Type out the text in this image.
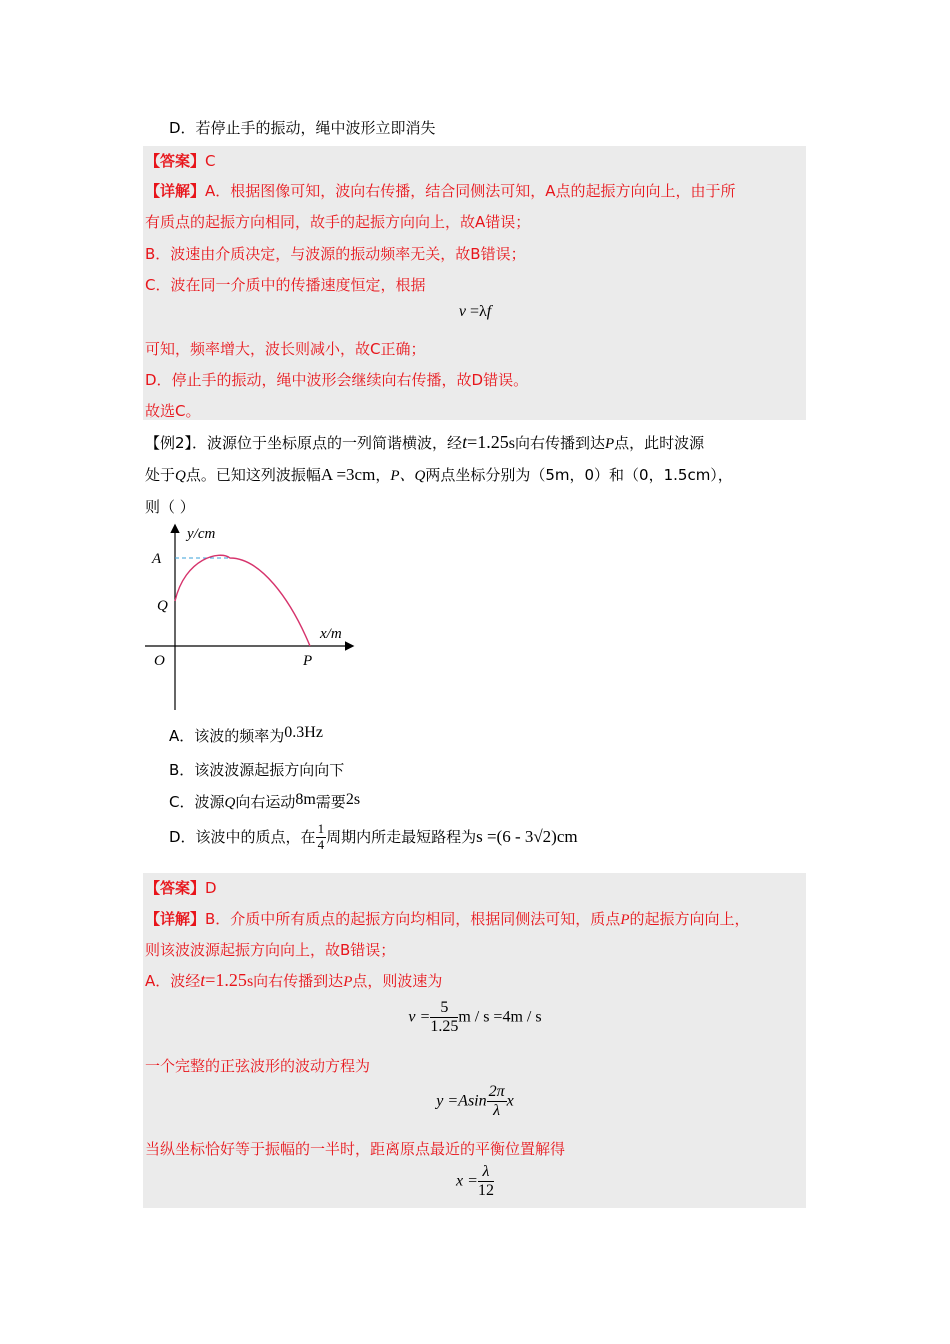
D．若停止手的振动，绳中波形立即消失
【答案】C
【详解】A．根据图像可知，波向右传播，结合同侧法可知，A点的起振方向向上，由于所
有质点的起振方向相同，故手的起振方向向上，故A错误；
B．波速由介质决定，与波源的振动频率无关，故B错误；
C．波在同一介质中的传播速度恒定，根据
v =λf
可知，频率增大，波长则减小，故C正确；
D．停止手的振动，绳中波形会继续向右传播，故D错误。
故选C。
【例2】．波源位于坐标原点的一列简谐横波，经t=1.25s向右传播到达P点，此时波源
处于Q点。已知这列波振幅A =3cm，P、Q两点坐标分别为（5m，0）和（0，1.5cm），
则（ ）
y/cm
x/m
A
Q
O	P
A．该波的频率为0.3Hz
B．该波波源起振方向向下
C．波源Q向右运动8m需要2s
D．该波中的质点，在 $\frac{1}{4}$ 周期内所走最短路程为s =(6 - 3√2)cm
【答案】D
【详解】B．介质中所有质点的起振方向均相同，根据同侧法可知，质点P的起振方向向上，
则该波波源起振方向向上，故B错误；
A．波经t=1.25s向右传播到达P点，则波速为
$v = \frac{5}{1.25}$ m / s =4m / s
一个完整的正弦波形的波动方程为
$y =Asin \frac{2\pi}{\lambda}$ x
当纵坐标恰好等于振幅的一半时，距离原点最近的平衡位置解得
$x = \frac{\lambda}{12}$
